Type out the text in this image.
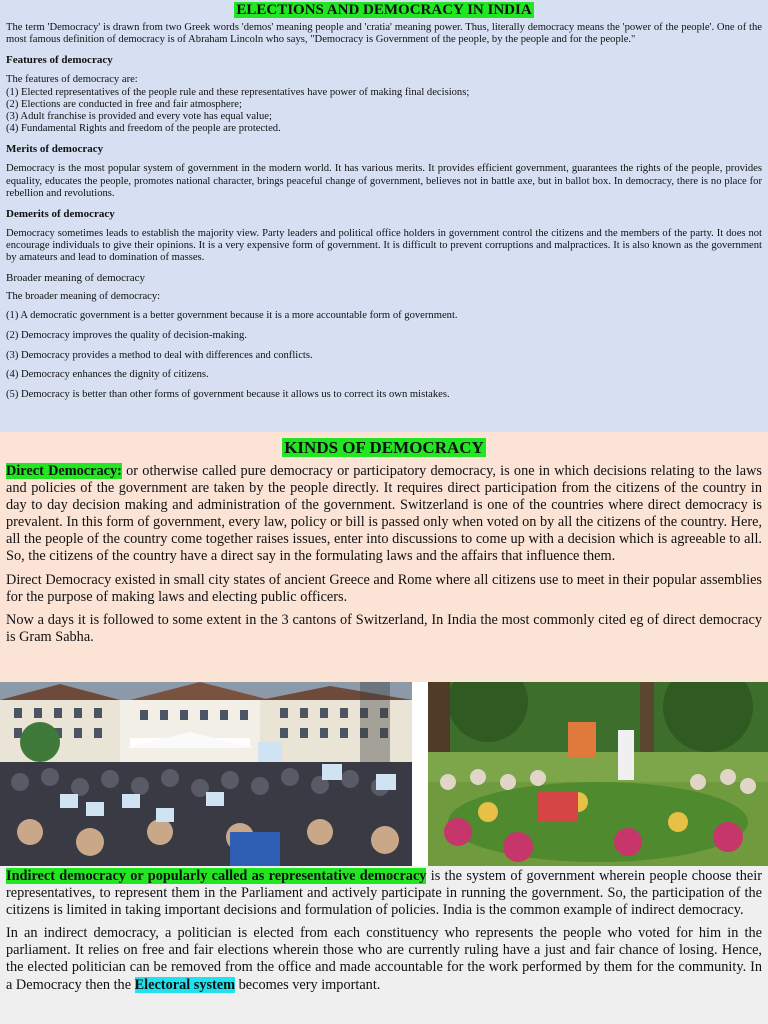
ELECTIONS AND DEMOCRACY IN INDIA

The term 'Democracy' is drawn from two Greek words 'demos' meaning people and 'cratia' meaning power. Thus, literally democracy means the 'power of the people'. One of the most famous definition of democracy is of Abraham Lincoln who says, "Democracy is Government of the people, by the people and for the people."

Features of democracy
The features of democracy are:
(1) Elected representatives of the people rule and these representatives have power of making final decisions;
(2) Elections are conducted in free and fair atmosphere;
(3) Adult franchise is provided and every vote has equal value;
(4) Fundamental Rights and freedom of the people are protected.
Merits of democracy

Democracy is the most popular system of government in the modern world. It has various merits. It provides efficient government, guarantees the rights of the people, provides equality, educates the people, promotes national character, brings peaceful change of government, believes not in battle axe, but in ballot box. In democracy, there is no place for rebellion and revolutions.

Demerits of democracy

Democracy sometimes leads to establish the majority view. Party leaders and political office holders in government control the citizens and the members of the party. It does not encourage individuals to give their opinions. It is a very expensive form of government. It is difficult to prevent corruptions and malpractices. It is also known as the government by amateurs and lead to domination of masses.

Broader meaning of democracy
The broader meaning of democracy:
(1) A democratic government is a better government because it is a more accountable form of government.
(2) Democracy improves the quality of decision-making.
(3) Democracy provides a method to deal with differences and conflicts.
(4) Democracy enhances the dignity of citizens.
(5) Democracy is better than other forms of government because it allows us to correct its own mistakes.
KINDS OF DEMOCRACY

Direct Democracy: or otherwise called pure democracy or participatory democracy, is one in which decisions relating to the laws and policies of the government are taken by the people directly. It requires direct participation from the citizens of the country in day to day decision making and administration of the government. Switzerland is one of the countries where direct democracy is prevalent. In this form of government, every law, policy or bill is passed only when voted on by all the citizens of the country. Here, all the people of the country come together raises issues, enter into discussions to come up with a decision which is agreeable to all. So, the citizens of the country have a direct say in the formulating laws and the affairs that influence them.

Direct Democracy existed in small city states of ancient Greece and Rome where all citizens use to meet in their popular assemblies for the purpose of making laws and electing public officers.

Now a days it is followed to some extent in the 3 cantons of Switzerland, In India the most commonly cited eg of direct democracy is Gram Sabha.

Indirect democracy or popularly called as representative democracy is the system of government wherein people choose their representatives, to represent them in the Parliament and actively participate in running the government. So, the participation of the citizens is limited in taking important decisions and formulation of policies. India is the common example of indirect democracy.

In an indirect democracy, a politician is elected from each constituency who represents the people who voted for him in the parliament. It relies on free and fair elections wherein those who are currently ruling have a just and fair chance of losing. Hence, the elected politician can be removed from the office and made accountable for the work performed by them for the community. In a Democracy then the Electoral system becomes very important.
